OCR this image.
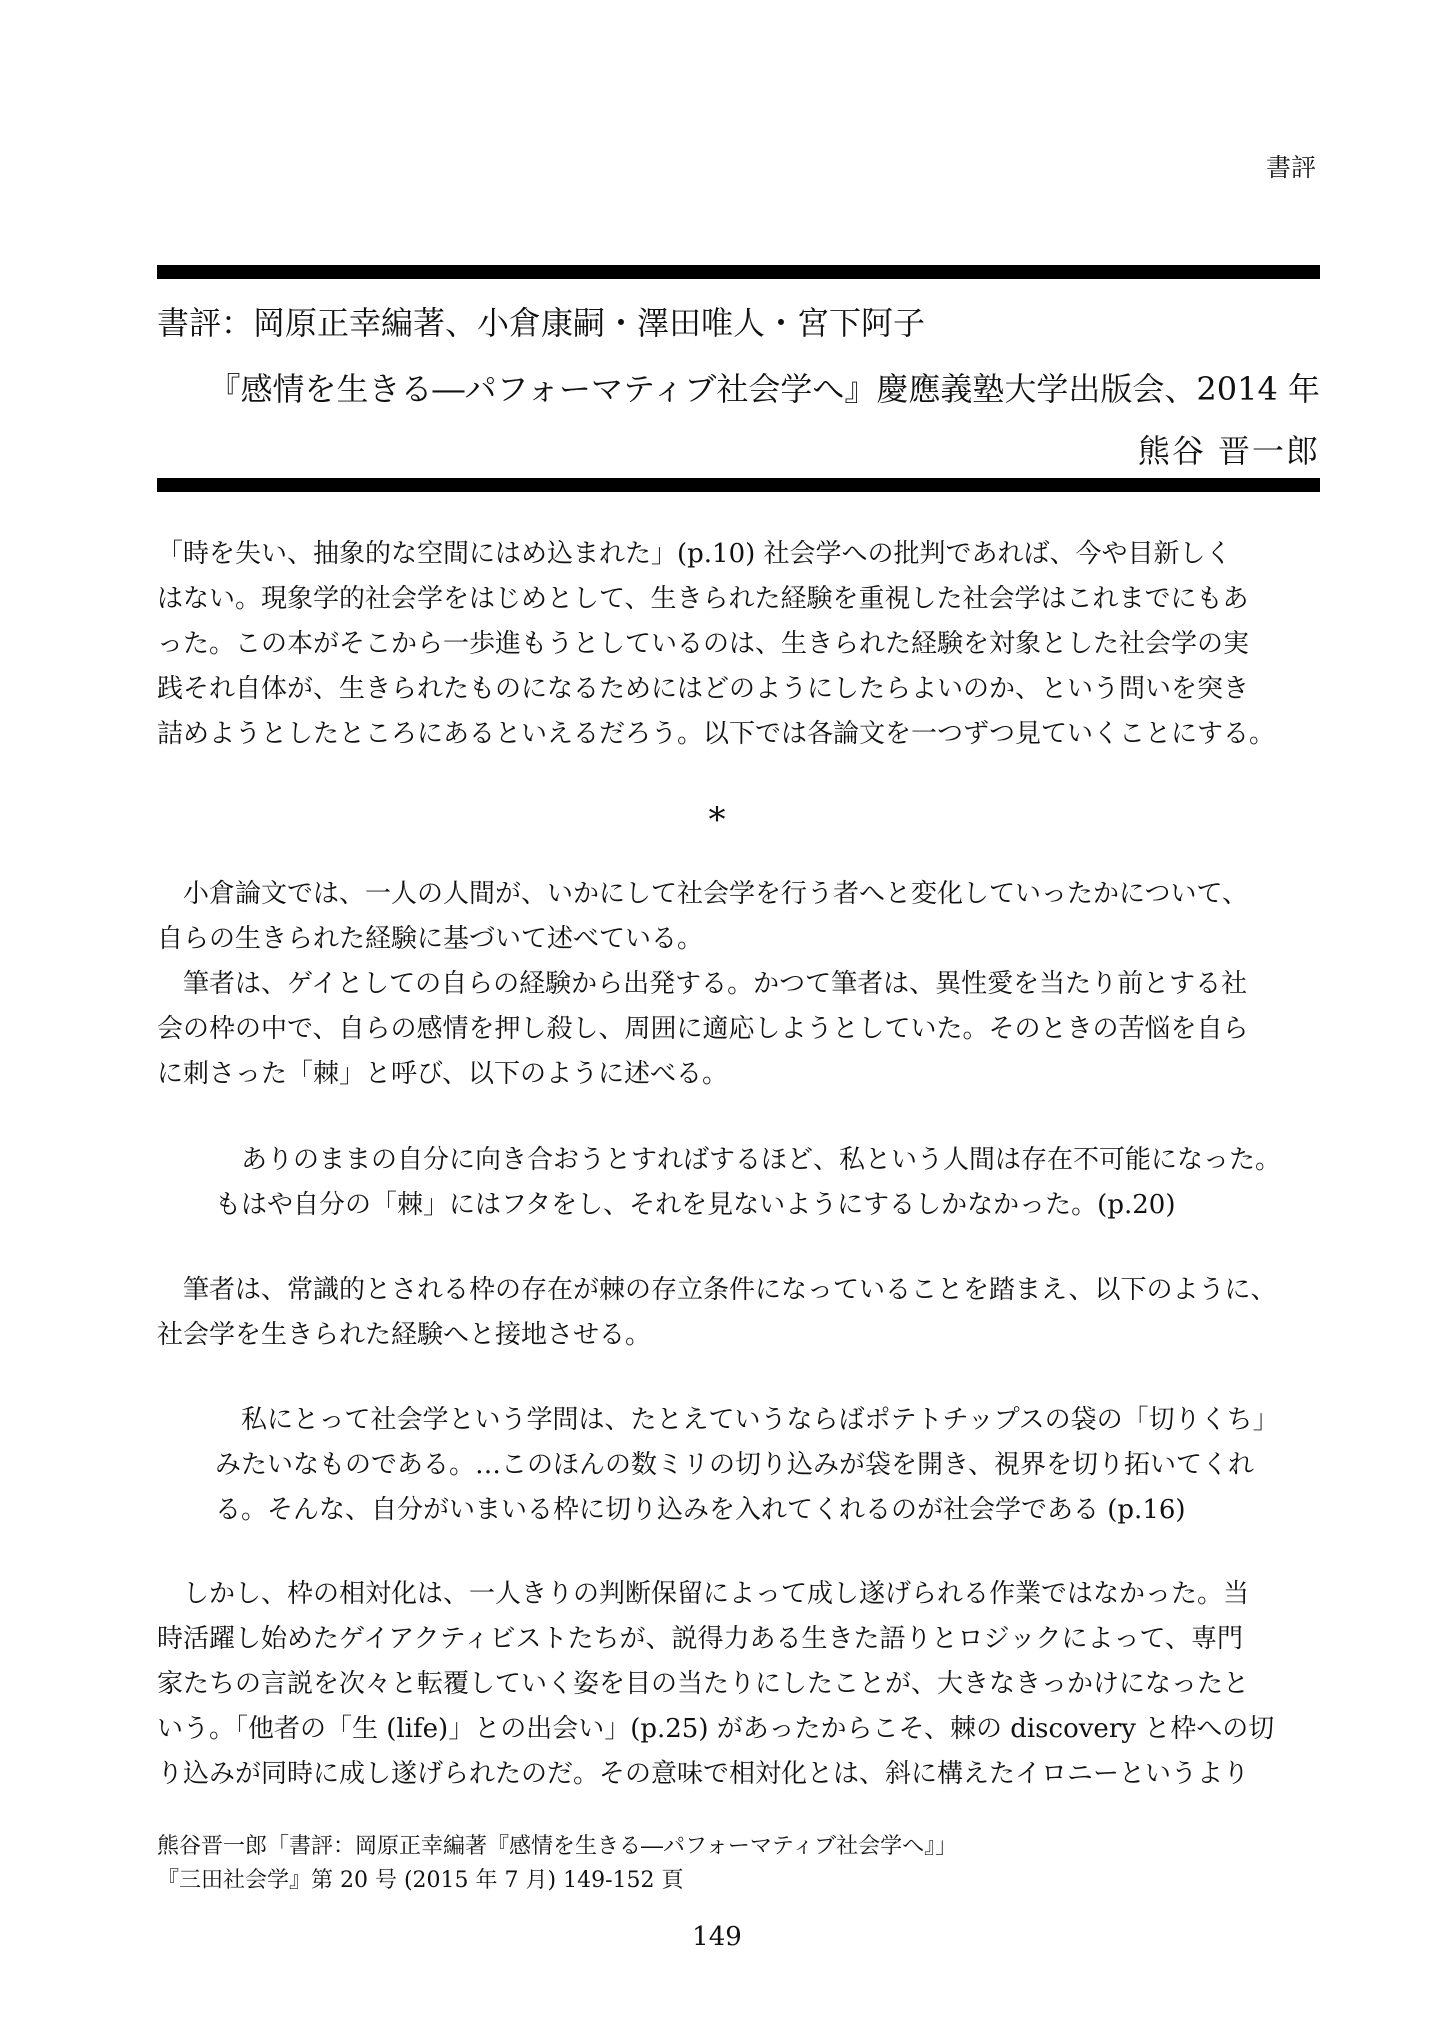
書評
書評：岡原正幸編著、小倉康嗣・澤田唯人・宮下阿子
『感情を生きる―パフォーマティブ社会学へ』慶應義塾大学出版会、2014 年
熊谷 晋一郎
「時を失い、抽象的な空間にはめ込まれた」(p.10) 社会学への批判であれば、今や目新しく
はない。現象学的社会学をはじめとして、生きられた経験を重視した社会学はこれまでにもあ
った。この本がそこから一歩進もうとしているのは、生きられた経験を対象とした社会学の実
践それ自体が、生きられたものになるためにはどのようにしたらよいのか、という問いを突き
詰めようとしたところにあるといえるだろう。以下では各論文を一つずつ見ていくことにする。
*
　小倉論文では、一人の人間が、いかにして社会学を行う者へと変化していったかについて、
自らの生きられた経験に基づいて述べている。
　筆者は、ゲイとしての自らの経験から出発する。かつて筆者は、異性愛を当たり前とする社
会の枠の中で、自らの感情を押し殺し、周囲に適応しようとしていた。そのときの苦悩を自ら
に刺さった「棘」と呼び、以下のように述べる。
　ありのままの自分に向き合おうとすればするほど、私という人間は存在不可能になった。
もはや自分の「棘」にはフタをし、それを見ないようにするしかなかった。(p.20)
　筆者は、常識的とされる枠の存在が棘の存立条件になっていることを踏まえ、以下のように、
社会学を生きられた経験へと接地させる。
　私にとって社会学という学問は、たとえていうならばポテトチップスの袋の「切りくち」
みたいなものである。…このほんの数ミリの切り込みが袋を開き、視界を切り拓いてくれ
る。そんな、自分がいまいる枠に切り込みを入れてくれるのが社会学である (p.16)
　しかし、枠の相対化は、一人きりの判断保留によって成し遂げられる作業ではなかった。当
時活躍し始めたゲイアクティビストたちが、説得力ある生きた語りとロジックによって、専門
家たちの言説を次々と転覆していく姿を目の当たりにしたことが、大きなきっかけになったと
いう。「他者の「生 (life)」との出会い」(p.25) があったからこそ、棘の discovery と枠への切
り込みが同時に成し遂げられたのだ。その意味で相対化とは、斜に構えたイロニーというより
熊谷晋一郎「書評：岡原正幸編著『感情を生きる―パフォーマティブ社会学へ』」
『三田社会学』第 20 号 (2015 年 7 月) 149-152 頁
149
